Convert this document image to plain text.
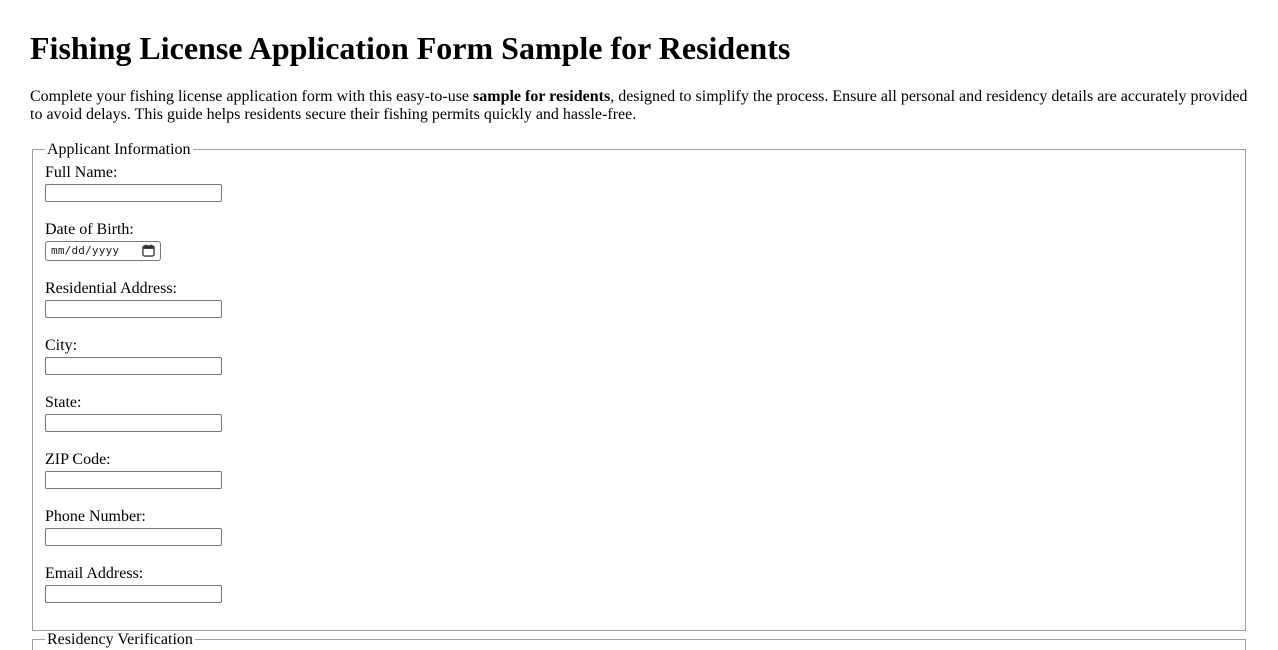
Fishing License Application Form Sample for Residents

Complete your fishing license application form with this easy-to-use sample for residents, designed to simplify the process. Ensure all personal and residency details are accurately provided to avoid delays. This guide helps residents secure their fishing permits quickly and hassle-free.

Applicant Information
Full Name:
Date of Birth:
mm/dd/yyyy
Residential Address:
City:
State:
ZIP Code:
Phone Number:
Email Address:
Residency Verification
